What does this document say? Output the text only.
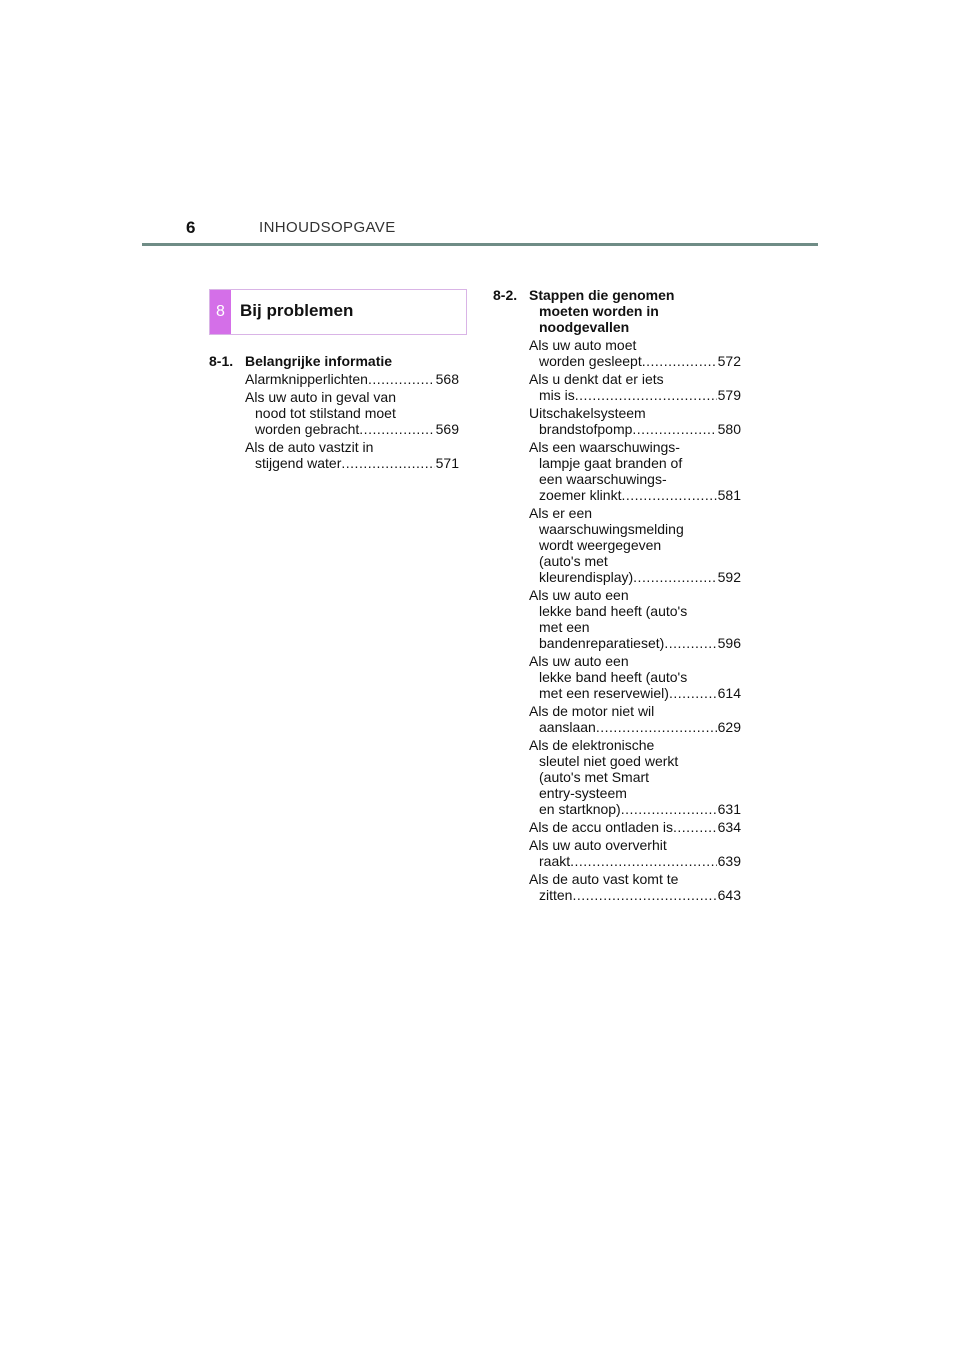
6	INHOUDSOPGAVE
8 Bij problemen
8-1. Belangrijke informatie
Alarmknipperlichten .....	568
Als uw auto in geval van
nood tot stilstand moet
worden gebracht .....	569
Als de auto vastzit in
stijgend water .....	571
8-2. Stappen die genomen
moeten worden in
noodgevallen
Als uw auto moet
worden gesleept .....	572
Als u denkt dat er iets
mis is .....	579
Uitschakelsysteem
brandstofpomp .....	580
Als een waarschuwings-
lampje gaat branden of
een waarschuwings-
zoemer klinkt .....	581
Als er een
waarschuwingsmelding
wordt weergegeven
(auto's met
kleurendisplay) .....	592
Als uw auto een
lekke band heeft (auto's
met een
bandenreparatieset) .....	596
Als uw auto een
lekke band heeft (auto's
met een reservewiel) .....	614
Als de motor niet wil
aanslaan .....	629
Als de elektronische
sleutel niet goed werkt
(auto's met Smart
entry-systeem
en startknop) .....	631
Als de accu ontladen is .....	634
Als uw auto oververhit
raakt .....	639
Als de auto vast komt te
zitten .....	643
